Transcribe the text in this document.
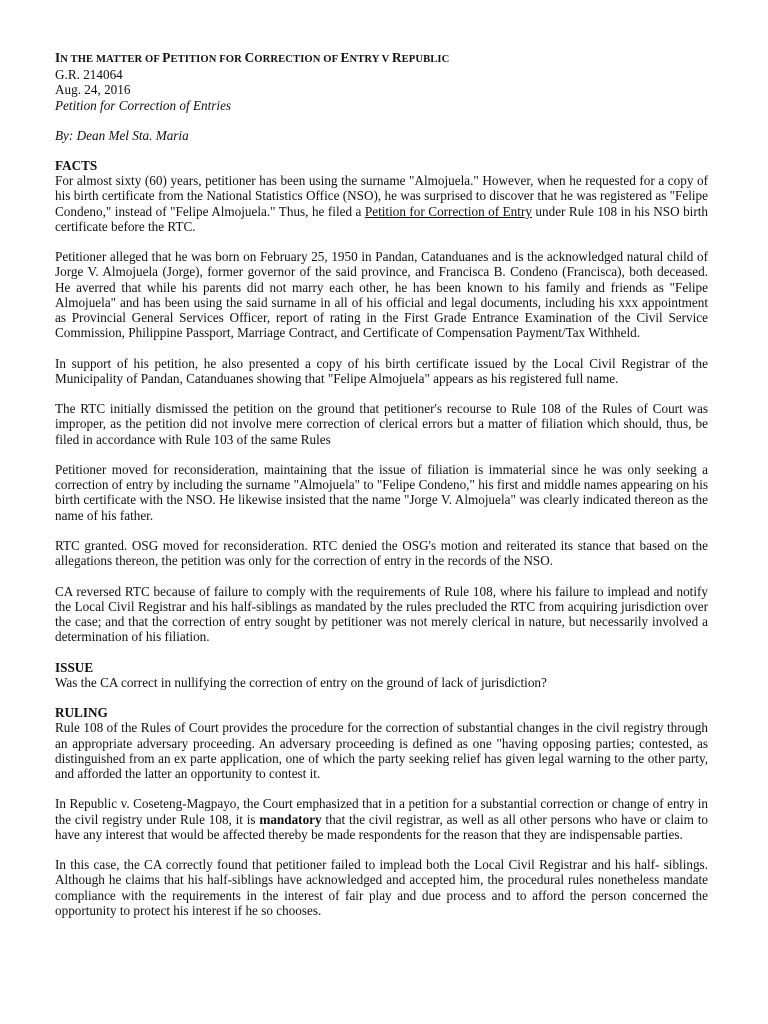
IN THE MATTER OF PETITION FOR CORRECTION OF ENTRY V REPUBLIC
G.R. 214064
Aug. 24, 2016
Petition for Correction of Entries
By: Dean Mel Sta. Maria
FACTS

For almost sixty (60) years, petitioner has been using the surname "Almojuela." However, when he requested for a copy of his birth certificate from the National Statistics Office (NSO), he was surprised to discover that he was registered as "Felipe Condeno," instead of "Felipe Almojuela." Thus, he filed a Petition for Correction of Entry under Rule 108 in his NSO birth certificate before the RTC.

Petitioner alleged that he was born on February 25, 1950 in Pandan, Catanduanes and is the acknowledged natural child of Jorge V. Almojuela (Jorge), former governor of the said province, and Francisca B. Condeno (Francisca), both deceased. He averred that while his parents did not marry each other, he has been known to his family and friends as "Felipe Almojuela" and has been using the said surname in all of his official and legal documents, including his xxx appointment as Provincial General Services Officer, report of rating in the First Grade Entrance Examination of the Civil Service Commission, Philippine Passport, Marriage Contract, and Certificate of Compensation Payment/Tax Withheld.

In support of his petition, he also presented a copy of his birth certificate issued by the Local Civil Registrar of the Municipality of Pandan, Catanduanes showing that "Felipe Almojuela" appears as his registered full name.

The RTC initially dismissed the petition on the ground that petitioner's recourse to Rule 108 of the Rules of Court was improper, as the petition did not involve mere correction of clerical errors but a matter of filiation which should, thus, be filed in accordance with Rule 103 of the same Rules

Petitioner moved for reconsideration, maintaining that the issue of filiation is immaterial since he was only seeking a correction of entry by including the surname "Almojuela" to "Felipe Condeno," his first and middle names appearing on his birth certificate with the NSO. He likewise insisted that the name "Jorge V. Almojuela" was clearly indicated thereon as the name of his father.

RTC granted. OSG moved for reconsideration. RTC denied the OSG's motion and reiterated its stance that based on the allegations thereon, the petition was only for the correction of entry in the records of the NSO.

CA reversed RTC because of failure to comply with the requirements of Rule 108, where his failure to implead and notify the Local Civil Registrar and his half-siblings as mandated by the rules precluded the RTC from acquiring jurisdiction over the case; and that the correction of entry sought by petitioner was not merely clerical in nature, but necessarily involved a determination of his filiation.

ISSUE

Was the CA correct in nullifying the correction of entry on the ground of lack of jurisdiction?

RULING

Rule 108 of the Rules of Court provides the procedure for the correction of substantial changes in the civil registry through an appropriate adversary proceeding. An adversary proceeding is defined as one "having opposing parties; contested, as distinguished from an ex parte application, one of which the party seeking relief has given legal warning to the other party, and afforded the latter an opportunity to contest it.

In Republic v. Coseteng-Magpayo, the Court emphasized that in a petition for a substantial correction or change of entry in the civil registry under Rule 108, it is mandatory that the civil registrar, as well as all other persons who have or claim to have any interest that would be affected thereby be made respondents for the reason that they are indispensable parties.

In this case, the CA correctly found that petitioner failed to implead both the Local Civil Registrar and his half- siblings. Although he claims that his half-siblings have acknowledged and accepted him, the procedural rules nonetheless mandate compliance with the requirements in the interest of fair play and due process and to afford the person concerned the opportunity to protect his interest if he so chooses.
